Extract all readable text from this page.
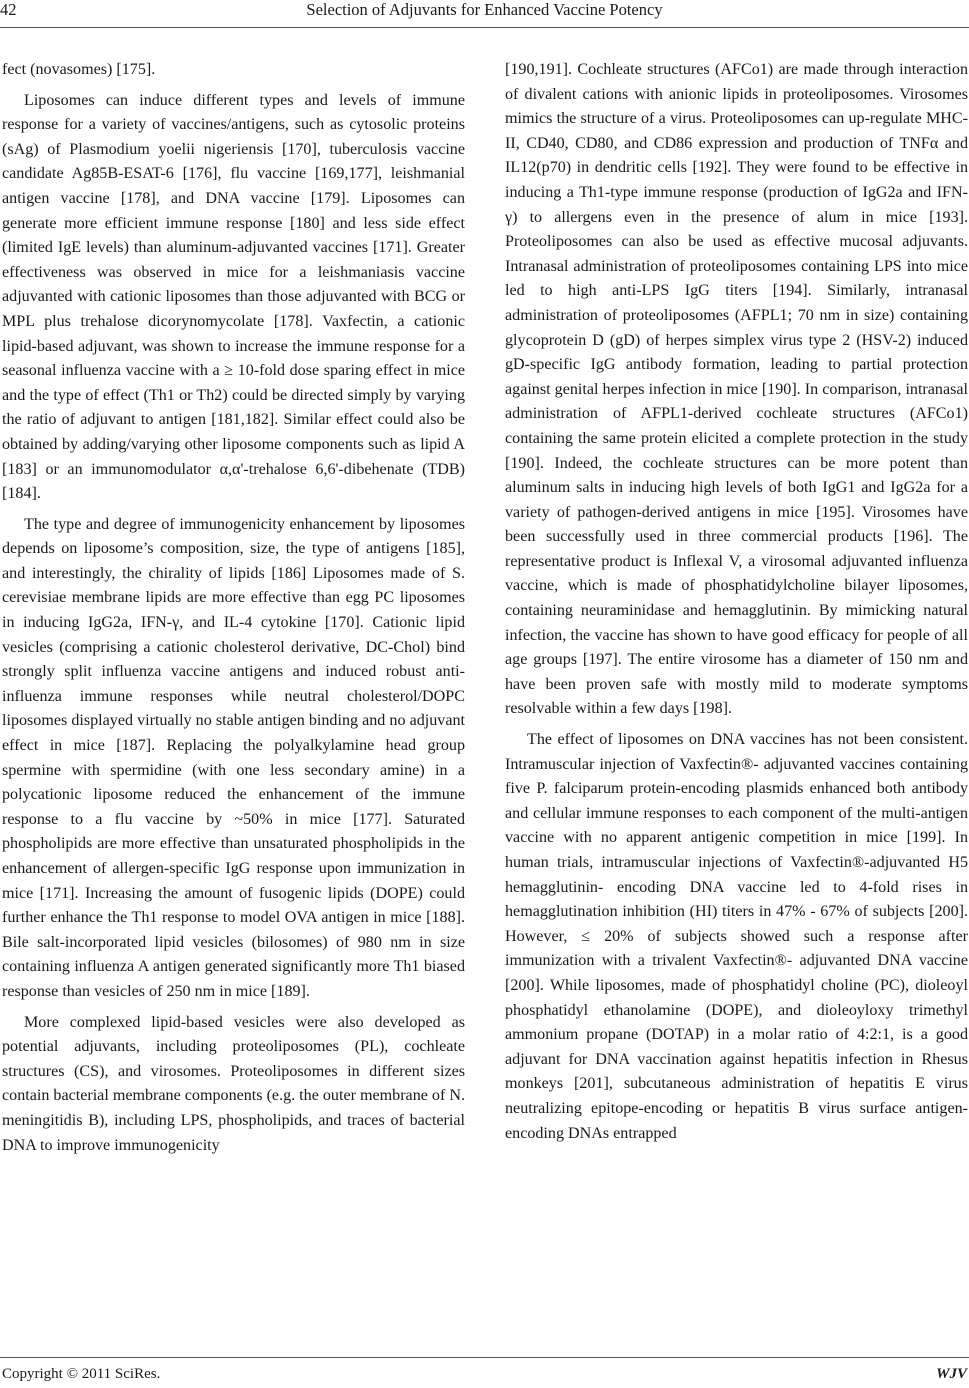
42	Selection of Adjuvants for Enhanced Vaccine Potency

fect (novasomes) [175].

Liposomes can induce different types and levels of immune response for a variety of vaccines/antigens, such as cytosolic proteins (sAg) of Plasmodium yoelii nigeriensis [170], tuberculosis vaccine candidate Ag85B-ESAT-6 [176], flu vaccine [169,177], leishmanial antigen vaccine [178], and DNA vaccine [179]. Liposomes can generate more efficient immune response [180] and less side effect (limited IgE levels) than aluminum-adjuvanted vaccines [171]. Greater effectiveness was observed in mice for a leishmaniasis vaccine adjuvanted with cationic liposomes than those adjuvanted with BCG or MPL plus trehalose dicorynomycolate [178]. Vaxfectin, a cationic lipid-based adjuvant, was shown to increase the immune response for a seasonal influenza vaccine with a ≥ 10-fold dose sparing effect in mice and the type of effect (Th1 or Th2) could be directed simply by varying the ratio of adjuvant to antigen [181,182]. Similar effect could also be obtained by adding/varying other liposome components such as lipid A [183] or an immunomodulator α,α'-trehalose 6,6'-dibehenate (TDB) [184].

The type and degree of immunogenicity enhancement by liposomes depends on liposome’s composition, size, the type of antigens [185], and interestingly, the chirality of lipids [186] Liposomes made of S. cerevisiae membrane lipids are more effective than egg PC liposomes in inducing IgG2a, IFN-γ, and IL-4 cytokine [170]. Cationic lipid vesicles (comprising a cationic cholesterol derivative, DC-Chol) bind strongly split influenza vaccine antigens and induced robust anti-influenza immune responses while neutral cholesterol/DOPC liposomes displayed virtually no stable antigen binding and no adjuvant effect in mice [187]. Replacing the polyalkylamine head group spermine with spermidine (with one less secondary amine) in a polycationic liposome reduced the enhancement of the immune response to a flu vaccine by ~50% in mice [177]. Saturated phospholipids are more effective than unsaturated phospholipids in the enhancement of allergen-specific IgG response upon immunization in mice [171]. Increasing the amount of fusogenic lipids (DOPE) could further enhance the Th1 response to model OVA antigen in mice [188]. Bile salt-incorporated lipid vesicles (bilosomes) of 980 nm in size containing influenza A antigen generated significantly more Th1 biased response than vesicles of 250 nm in mice [189].

More complexed lipid-based vesicles were also developed as potential adjuvants, including proteoliposomes (PL), cochleate structures (CS), and virosomes. Proteoliposomes in different sizes contain bacterial membrane components (e.g. the outer membrane of N. meningitidis B), including LPS, phospholipids, and traces of bacterial DNA to improve immunogenicity

[190,191]. Cochleate structures (AFCo1) are made through interaction of divalent cations with anionic lipids in proteoliposomes. Virosomes mimics the structure of a virus. Proteoliposomes can up-regulate MHC-II, CD40, CD80, and CD86 expression and production of TNFα and IL12(p70) in dendritic cells [192]. They were found to be effective in inducing a Th1-type immune response (production of IgG2a and IFN-γ) to allergens even in the presence of alum in mice [193]. Proteoliposomes can also be used as effective mucosal adjuvants. Intranasal administration of proteoliposomes containing LPS into mice led to high anti-LPS IgG titers [194]. Similarly, intranasal administration of proteoliposomes (AFPL1; 70 nm in size) containing glycoprotein D (gD) of herpes simplex virus type 2 (HSV-2) induced gD-specific IgG antibody formation, leading to partial protection against genital herpes infection in mice [190]. In comparison, intranasal administration of AFPL1-derived cochleate structures (AFCo1) containing the same protein elicited a complete protection in the study [190]. Indeed, the cochleate structures can be more potent than aluminum salts in inducing high levels of both IgG1 and IgG2a for a variety of pathogen-derived antigens in mice [195]. Virosomes have been successfully used in three commercial products [196]. The representative product is Inflexal V, a virosomal adjuvanted influenza vaccine, which is made of phosphatidylcholine bilayer liposomes, containing neuraminidase and hemagglutinin. By mimicking natural infection, the vaccine has shown to have good efficacy for people of all age groups [197]. The entire virosome has a diameter of 150 nm and have been proven safe with mostly mild to moderate symptoms resolvable within a few days [198].

The effect of liposomes on DNA vaccines has not been consistent. Intramuscular injection of Vaxfectin®- adjuvanted vaccines containing five P. falciparum protein-encoding plasmids enhanced both antibody and cellular immune responses to each component of the multi-antigen vaccine with no apparent antigenic competition in mice [199]. In human trials, intramuscular injections of Vaxfectin®-adjuvanted H5 hemagglutinin- encoding DNA vaccine led to 4-fold rises in hemagglutination inhibition (HI) titers in 47% - 67% of subjects [200]. However, ≤ 20% of subjects showed such a response after immunization with a trivalent Vaxfectin®- adjuvanted DNA vaccine [200]. While liposomes, made of phosphatidyl choline (PC), dioleoyl phosphatidyl ethanolamine (DOPE), and dioleoyloxy trimethyl ammonium propane (DOTAP) in a molar ratio of 4:2:1, is a good adjuvant for DNA vaccination against hepatitis infection in Rhesus monkeys [201], subcutaneous administration of hepatitis E virus neutralizing epitope-encoding or hepatitis B virus surface antigen-encoding DNAs entrapped

Copyright © 2011 SciRes.	WJV
